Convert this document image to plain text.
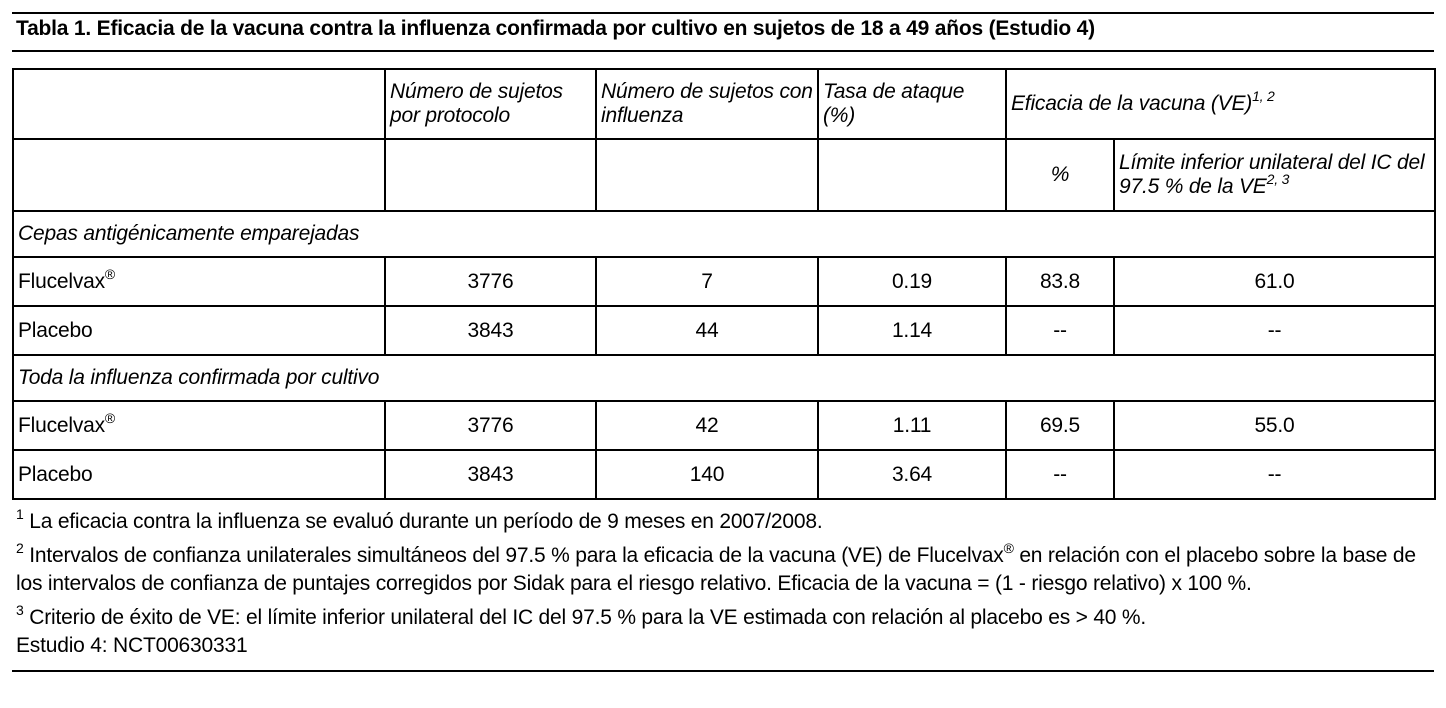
Tabla 1. Eficacia de la vacuna contra la influenza confirmada por cultivo en sujetos de 18 a 49 años (Estudio 4)
	Número de sujetos por protocolo	Número de sujetos con influenza	Tasa de ataque (%)	Eficacia de la vacuna (VE)$^{1, 2}$
				%	Límite inferior unilateral del IC del 97.5 % de la VE$^{2, 3}$
Cepas antigénicamente emparejadas					
Flucelvax®	3776	7	0.19	83.8	61.0
Placebo	3843	44	1.14	--	--
Toda la influenza confirmada por cultivo					
Flucelvax®	3776	42	1.11	69.5	55.0
Placebo	3843	140	3.64	--	--
$^1$ La eficacia contra la influenza se evaluó durante un período de 9 meses en 2007/2008.
$^2$ Intervalos de confianza unilaterales simultáneos del 97.5 % para la eficacia de la vacuna (VE) de Flucelvax® en relación con el placebo sobre la base de los intervalos de confianza de puntajes corregidos por Sidak para el riesgo relativo. Eficacia de la vacuna = (1 - riesgo relativo) x 100 %.
$^3$ Criterio de éxito de VE: el límite inferior unilateral del IC del 97.5 % para la VE estimada con relación al placebo es > 40 %.
Estudio 4: NCT00630331
